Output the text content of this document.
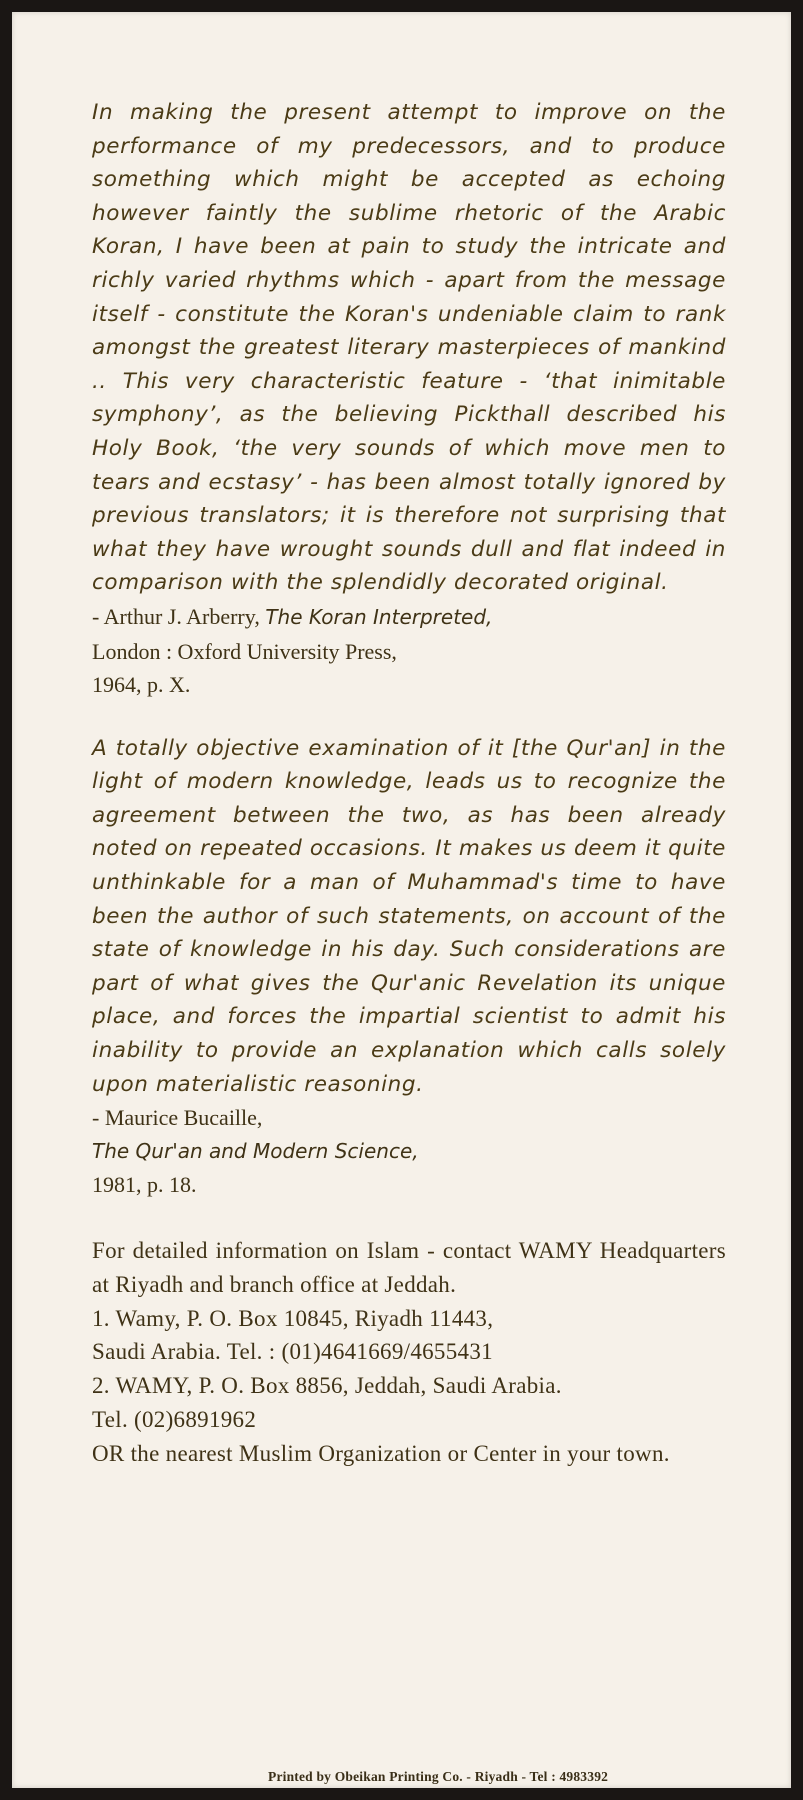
In making the present attempt to improve on the performance of my predecessors, and to produce something which might be accepted as echoing however faintly the sublime rhetoric of the Arabic Koran, I have been at pain to study the intricate and richly varied rhythms which - apart from the message itself - constitute the Koran's undeniable claim to rank amongst the greatest literary masterpieces of mankind .. This very characteristic feature - ‘that inimitable symphony’, as the believing Pickthall described his Holy Book, ‘the very sounds of which move men to tears and ecstasy’ - has been almost totally ignored by previous translators; it is therefore not surprising that what they have wrought sounds dull and flat indeed in comparison with the splendidly decorated original.

- Arthur J. Arberry, The Koran Interpreted,
London : Oxford University Press,
1964, p. X.

A totally objective examination of it [the Qur'an] in the light of modern knowledge, leads us to recognize the agreement between the two, as has been already noted on repeated occasions. It makes us deem it quite unthinkable for a man of Muhammad's time to have been the author of such statements, on account of the state of knowledge in his day. Such considerations are part of what gives the Qur'anic Revelation its unique place, and forces the impartial scientist to admit his inability to provide an explanation which calls solely upon materialistic reasoning.

- Maurice Bucaille,
The Qur'an and Modern Science,
1981, p. 18.

For detailed information on Islam - contact WAMY Headquarters at Riyadh and branch office at Jeddah.

1. Wamy, P. O. Box 10845, Riyadh 11443,
Saudi Arabia. Tel. : (01)4641669/4655431
2. WAMY, P. O. Box 8856, Jeddah, Saudi Arabia.
Tel. (02)6891962

OR the nearest Muslim Organization or Center in your town.

Printed by Obeikan Printing Co. - Riyadh - Tel : 4983392
